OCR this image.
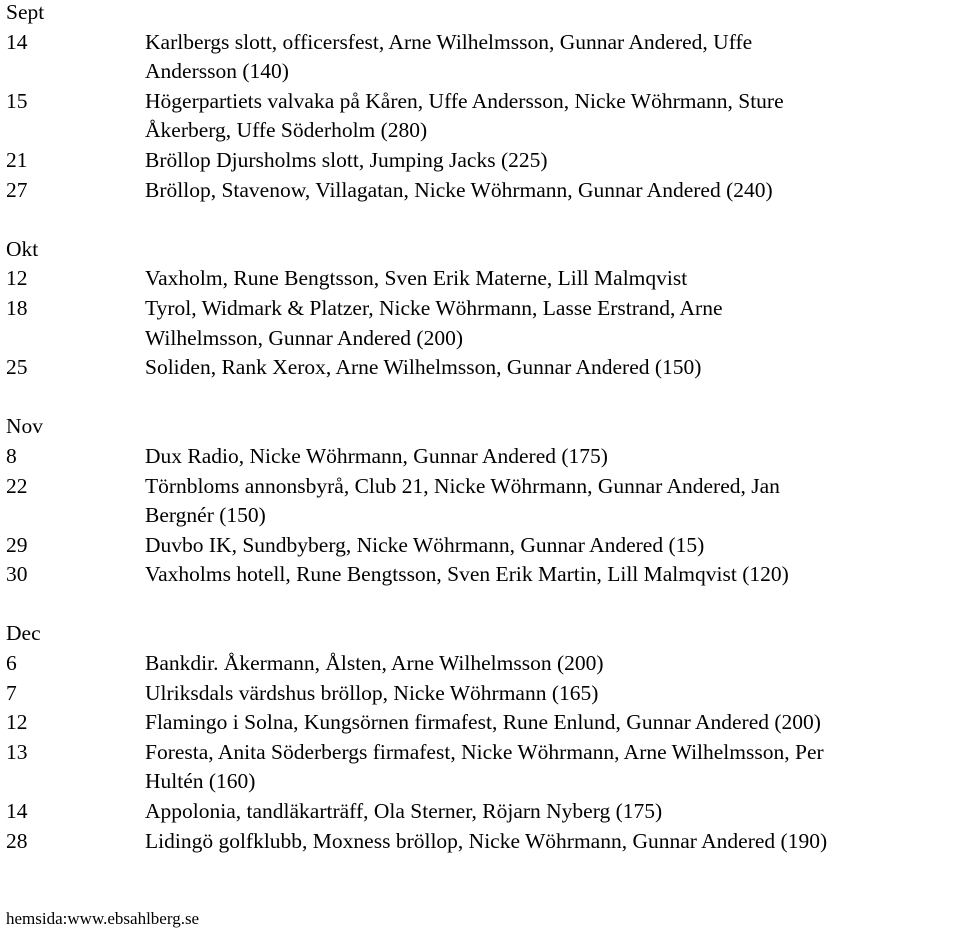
Sept
14	Karlbergs slott, officersfest, Arne Wilhelmsson, Gunnar Andered, Uffe
Andersson (140)
15	Högerpartiets valvaka på Kåren, Uffe Andersson, Nicke Wöhrmann, Sture
Åkerberg, Uffe Söderholm (280)
21	Bröllop Djursholms slott, Jumping Jacks (225)
27	Bröllop, Stavenow, Villagatan, Nicke Wöhrmann, Gunnar Andered (240)
Okt
12	Vaxholm, Rune Bengtsson, Sven Erik Materne, Lill Malmqvist
18	Tyrol, Widmark & Platzer, Nicke Wöhrmann, Lasse Erstrand, Arne
Wilhelmsson, Gunnar Andered (200)
25	Soliden, Rank Xerox, Arne Wilhelmsson, Gunnar Andered (150)
Nov
8	Dux Radio, Nicke Wöhrmann, Gunnar Andered (175)
22	Törnbloms annonsbyrå, Club 21, Nicke Wöhrmann, Gunnar Andered, Jan
Bergnér (150)
29	Duvbo IK, Sundbyberg, Nicke Wöhrmann, Gunnar Andered (15)
30	Vaxholms hotell, Rune Bengtsson, Sven Erik Martin, Lill Malmqvist (120)
Dec
6	Bankdir. Åkermann, Ålsten, Arne Wilhelmsson (200)
7	Ulriksdals värdshus bröllop, Nicke Wöhrmann (165)
12	Flamingo i Solna, Kungsörnen firmafest, Rune Enlund, Gunnar Andered (200)
13	Foresta, Anita Söderbergs firmafest, Nicke Wöhrmann, Arne Wilhelmsson, Per
Hultén (160)
14	Appolonia, tandläkarträff, Ola Sterner, Röjarn Nyberg (175)
28	Lidingö golfklubb, Moxness bröllop, Nicke Wöhrmann, Gunnar Andered (190)
hemsida:www.ebsahlberg.se
